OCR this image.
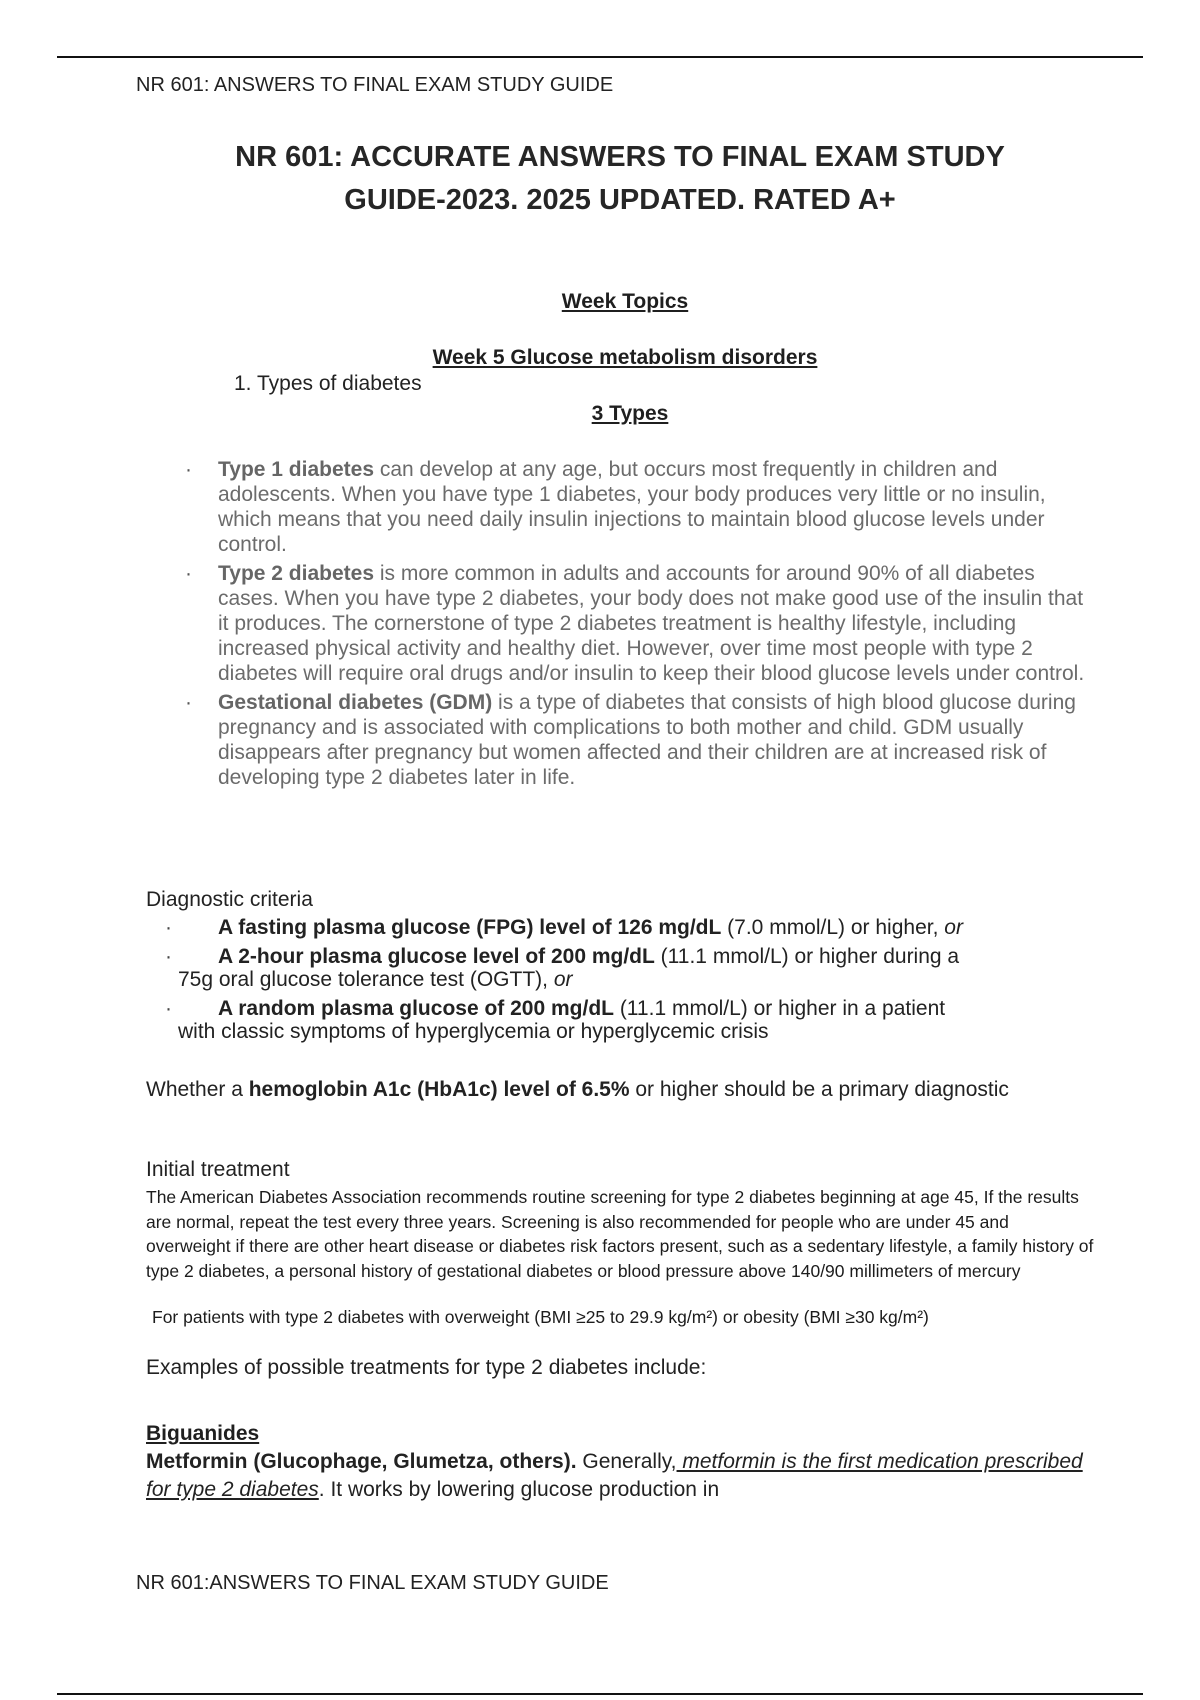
NR 601: ANSWERS TO FINAL EXAM STUDY GUIDE
NR 601: ACCURATE ANSWERS TO FINAL EXAM STUDY
GUIDE-2023. 2025 UPDATED. RATED A+
Week Topics
Week 5 Glucose metabolism disorders
1. Types of diabetes
3 Types
· Type 1 diabetes can develop at any age, but occurs most frequently in children and adolescents. When you have type 1 diabetes, your body produces very little or no insulin, which means that you need daily insulin injections to maintain blood glucose levels under control.
· Type 2 diabetes is more common in adults and accounts for around 90% of all diabetes cases. When you have type 2 diabetes, your body does not make good use of the insulin that it produces. The cornerstone of type 2 diabetes treatment is healthy lifestyle, including increased physical activity and healthy diet. However, over time most people with type 2 diabetes will require oral drugs and/or insulin to keep their blood glucose levels under control.
· Gestational diabetes (GDM) is a type of diabetes that consists of high blood glucose during pregnancy and is associated with complications to both mother and child. GDM usually disappears after pregnancy but women affected and their children are at increased risk of developing type 2 diabetes later in life.
Diagnostic criteria
· A fasting plasma glucose (FPG) level of 126 mg/dL (7.0 mmol/L) or higher, or
· A 2-hour plasma glucose level of 200 mg/dL (11.1 mmol/L) or higher during a
75g oral glucose tolerance test (OGTT), or
· A random plasma glucose of 200 mg/dL (11.1 mmol/L) or higher in a patient
with classic symptoms of hyperglycemia or hyperglycemic crisis
Whether a hemoglobin A1c (HbA1c) level of 6.5% or higher should be a primary diagnostic
Initial treatment
The American Diabetes Association recommends routine screening for type 2 diabetes beginning at age 45, If the results are normal, repeat the test every three years. Screening is also recommended for people who are under 45 and overweight if there are other heart disease or diabetes risk factors present, such as a sedentary lifestyle, a family history of type 2 diabetes, a personal history of gestational diabetes or blood pressure above 140/90 millimeters of mercury
For patients with type 2 diabetes with overweight (BMI ≥25 to 29.9 kg/m²) or obesity (BMI ≥30 kg/m²)
Examples of possible treatments for type 2 diabetes include:
Biguanides
Metformin (Glucophage, Glumetza, others). Generally, metformin is the first medication prescribed for type 2 diabetes. It works by lowering glucose production in
NR 601:ANSWERS TO FINAL EXAM STUDY GUIDE
